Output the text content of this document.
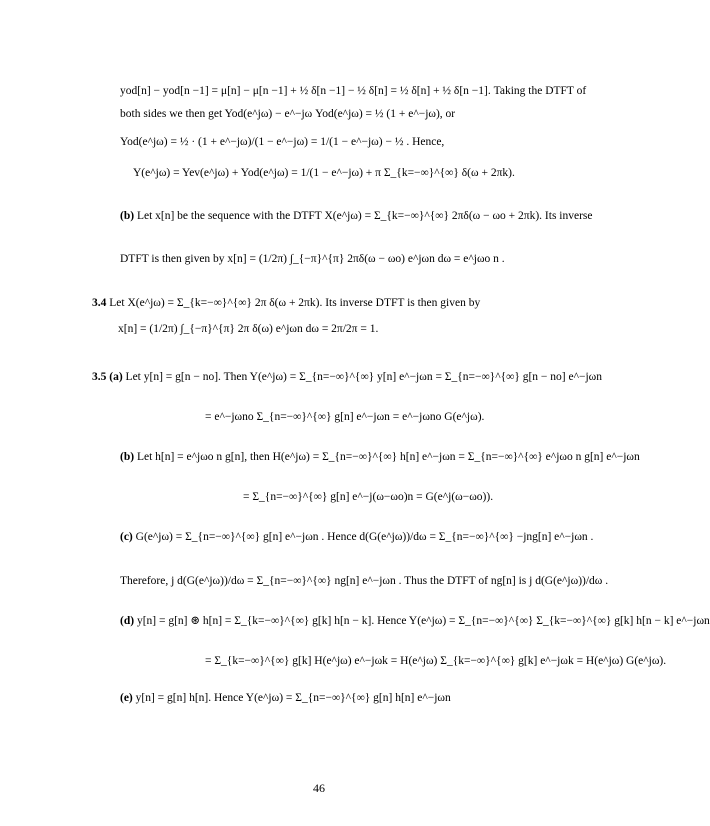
yod[n] − yod[n −1] = μ[n] − μ[n −1] + ½ δ[n −1] − ½ δ[n] = ½ δ[n] + ½ δ[n −1]. Taking the DTFT of
both sides we then get Yod(e^jω) − e^−jω Yod(e^jω) = ½ (1 + e^−jω), or
Yod(e^jω) = ½ · (1 + e^−jω)/(1 − e^−jω) = 1/(1 − e^−jω) − ½ . Hence,
Y(e^jω) = Yev(e^jω) + Yod(e^jω) = 1/(1 − e^−jω) + π Σ_{k=−∞}^{∞} δ(ω + 2πk).
(b) Let x[n] be the sequence with the DTFT X(e^jω) = Σ_{k=−∞}^{∞} 2πδ(ω − ωo + 2πk). Its inverse
DTFT is then given by x[n] = (1/2π) ∫_{−π}^{π} 2πδ(ω − ωo) e^jωn dω = e^jωo n .
3.4 Let X(e^jω) = Σ_{k=−∞}^{∞} 2π δ(ω + 2πk). Its inverse DTFT is then given by
x[n] = (1/2π) ∫_{−π}^{π} 2π δ(ω) e^jωn dω = 2π/2π = 1.
3.5 (a) Let y[n] = g[n − no]. Then Y(e^jω) = Σ_{n=−∞}^{∞} y[n] e^−jωn = Σ_{n=−∞}^{∞} g[n − no] e^−jωn
= e^−jωno Σ_{n=−∞}^{∞} g[n] e^−jωn = e^−jωno G(e^jω).
(b) Let h[n] = e^jωo n g[n], then H(e^jω) = Σ_{n=−∞}^{∞} h[n] e^−jωn = Σ_{n=−∞}^{∞} e^jωo n g[n] e^−jωn
= Σ_{n=−∞}^{∞} g[n] e^−j(ω−ωo)n = G(e^j(ω−ωo)).
(c) G(e^jω) = Σ_{n=−∞}^{∞} g[n] e^−jωn . Hence d(G(e^jω))/dω = Σ_{n=−∞}^{∞} −jng[n] e^−jωn .
Therefore, j d(G(e^jω))/dω = Σ_{n=−∞}^{∞} ng[n] e^−jωn . Thus the DTFT of ng[n] is j d(G(e^jω))/dω .
(d) y[n] = g[n] ⊛ h[n] = Σ_{k=−∞}^{∞} g[k] h[n − k]. Hence Y(e^jω) = Σ_{n=−∞}^{∞} Σ_{k=−∞}^{∞} g[k] h[n − k] e^−jωn
= Σ_{k=−∞}^{∞} g[k] H(e^jω) e^−jωk = H(e^jω) Σ_{k=−∞}^{∞} g[k] e^−jωk = H(e^jω) G(e^jω).
(e) y[n] = g[n] h[n]. Hence Y(e^jω) = Σ_{n=−∞}^{∞} g[n] h[n] e^−jωn
46
